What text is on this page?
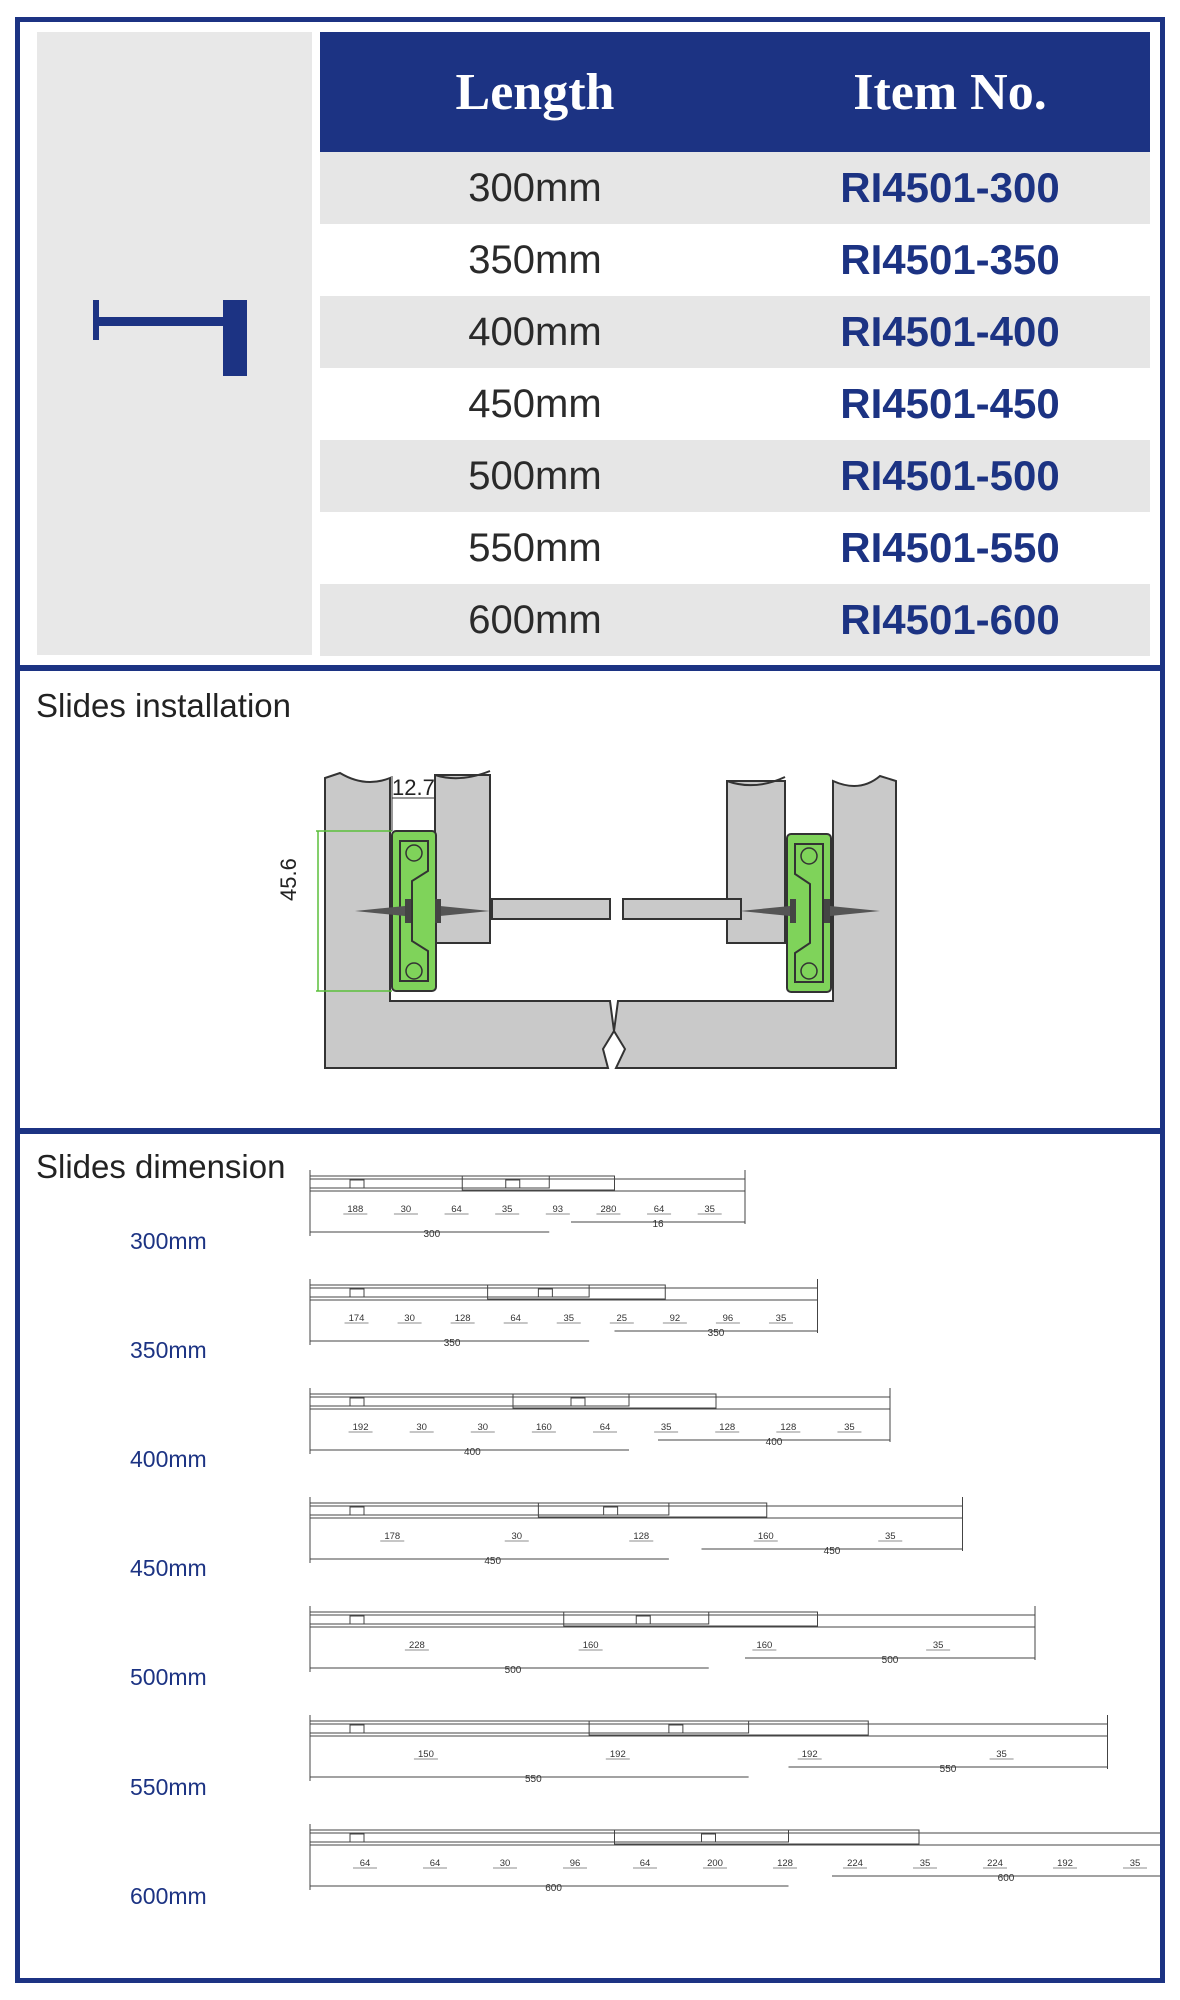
Length	Item No.
300mm	RI4501-300
350mm	RI4501-350
400mm	RI4501-400
450mm	RI4501-450
500mm	RI4501-500
550mm	RI4501-550
600mm	RI4501-600
Slides installation
12.7
45.6
Slides dimension
300
16
188	30	64	35	93	280	64	35
350
350
174	30	128	64	35	25	92	96	35
400
400
192	30	30	160	64	35	128	128	35
450
450
178	30	128	160	35
500
500
228	160	160	35
550
550
150	192	192	35
600
600
64	64	30	96	64	200	128	224	35	224	192	35
300mm
350mm
400mm
450mm
500mm
550mm
600mm
